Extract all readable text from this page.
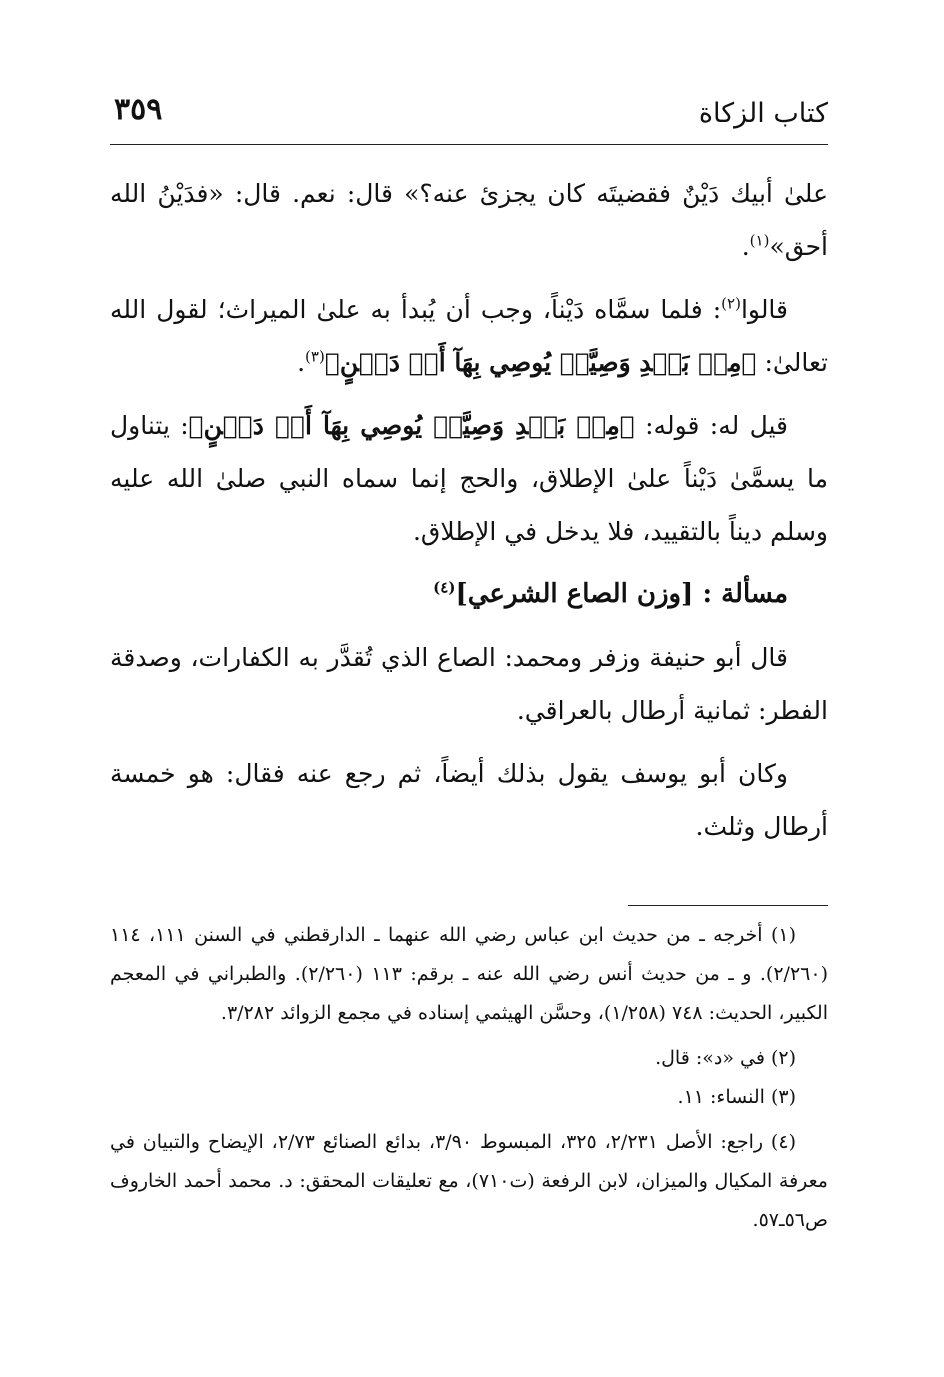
كتاب الزكاة
٣٥٩

علىٰ أبيك دَيْنٌ فقضيتَه كان يجزئ عنه؟» قال: نعم. قال: «فدَيْنُ الله أحق»$^{(١)}$.

قالوا$^{(٢)}$: فلما سمَّاه دَيْناً، وجب أن يُبدأ به علىٰ الميراث؛ لقول الله تعالىٰ: ﴿مِنۢ بَعۡدِ وَصِيَّةٖ يُوصِي بِهَآ أَوۡ دَيۡنٍ﴾$^{(٣)}$.

قيل له: قوله: ﴿مِنۢ بَعۡدِ وَصِيَّةٖ يُوصِي بِهَآ أَوۡ دَيۡنٍ﴾: يتناول ما يسمَّىٰ دَيْناً علىٰ الإطلاق، والحج إنما سماه النبي صلىٰ الله عليه وسلم ديناً بالتقييد، فلا يدخل في الإطلاق.

مسألة : [وزن الصاع الشرعي]$^{(٤)}$

قال أبو حنيفة وزفر ومحمد: الصاع الذي تُقدَّر به الكفارات، وصدقة الفطر: ثمانية أرطال بالعراقي.

وكان أبو يوسف يقول بذلك أيضاً، ثم رجع عنه فقال: هو خمسة أرطال وثلث.

(١) أخرجه ـ من حديث ابن عباس رضي الله عنهما ـ الدارقطني في السنن ١١١، ١١٤ (٢/٢٦٠). و ـ من حديث أنس رضي الله عنه ـ برقم: ١١٣ (٢/٢٦٠). والطبراني في المعجم الكبير، الحديث: ٧٤٨ (١/٢٥٨)، وحسَّن الهيثمي إسناده في مجمع الزوائد ٣/٢٨٢.

(٢) في «د»: قال.

(٣) النساء: ١١.

(٤) راجع: الأصل ٢/٢٣١، ٣٢٥، المبسوط ٣/٩٠، بدائع الصنائع ٢/٧٣، الإيضاح والتبيان في معرفة المكيال والميزان، لابن الرفعة (ت٧١٠)، مع تعليقات المحقق: د. محمد أحمد الخاروف ص٥٦ـ٥٧.
